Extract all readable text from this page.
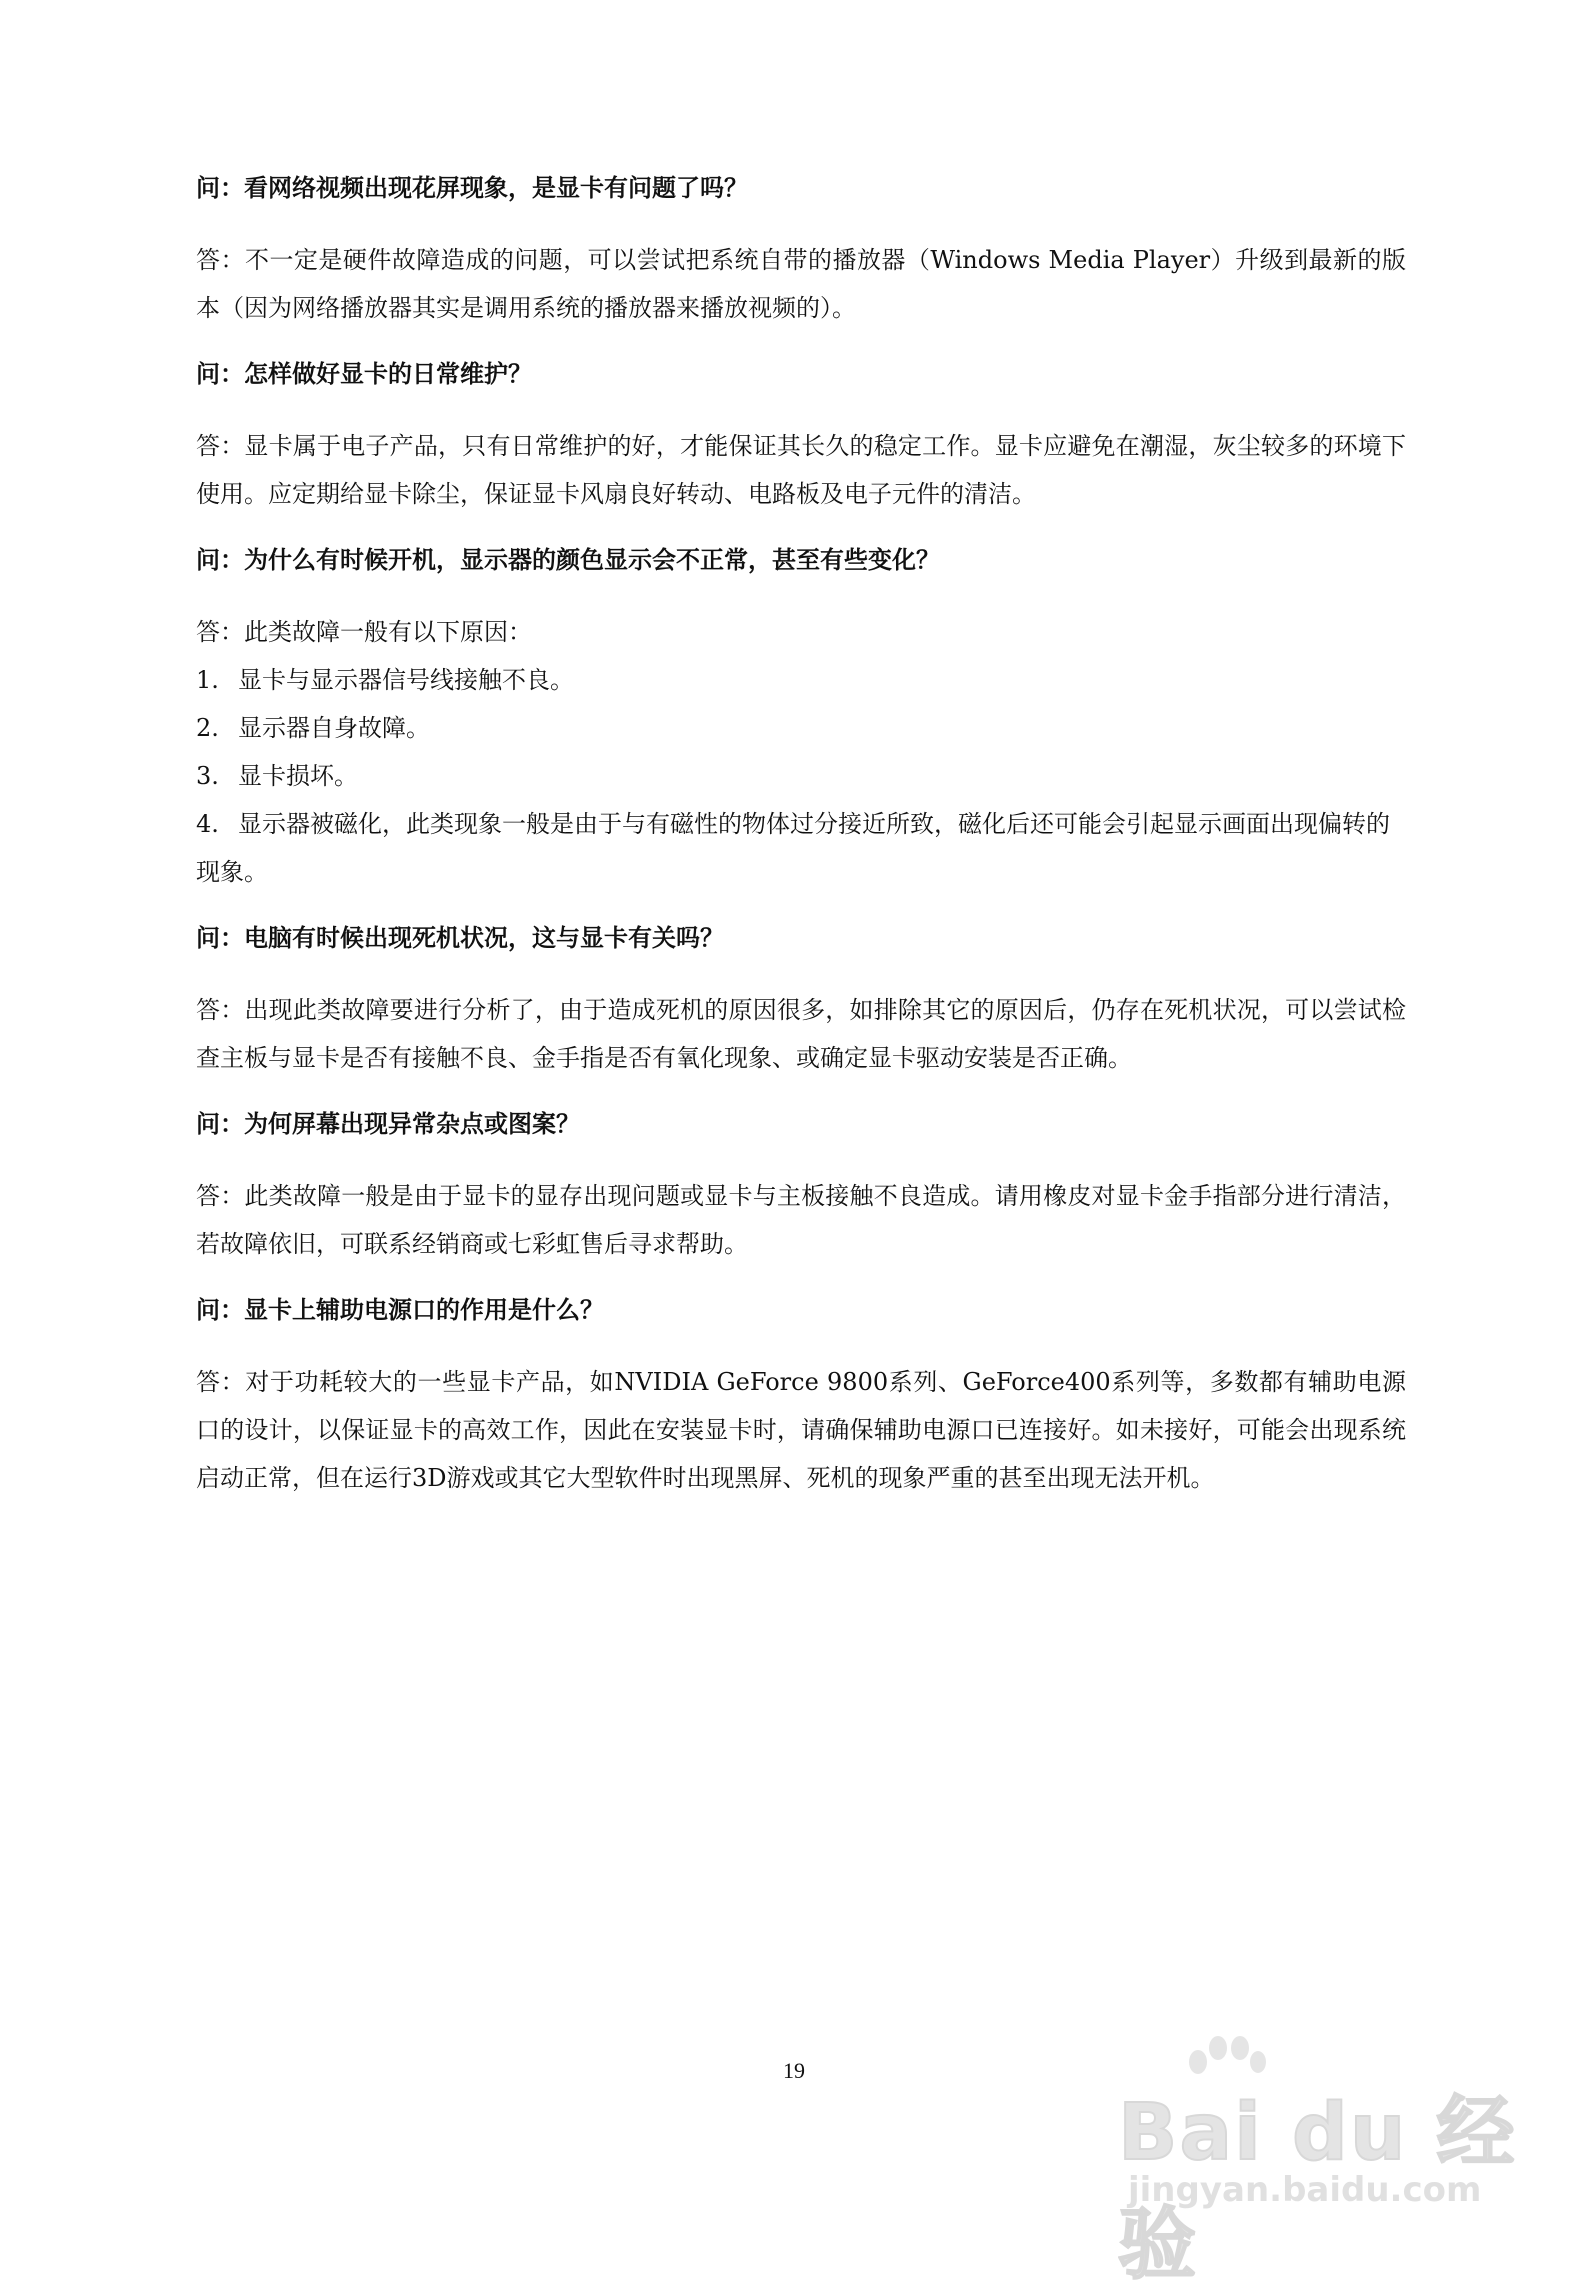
问：看网络视频出现花屏现象，是显卡有问题了吗？

答：不一定是硬件故障造成的问题，可以尝试把系统自带的播放器（Windows Media Player）升级到最新的版本（因为网络播放器其实是调用系统的播放器来播放视频的）。

问：怎样做好显卡的日常维护？

答：显卡属于电子产品，只有日常维护的好，才能保证其长久的稳定工作。显卡应避免在潮湿，灰尘较多的环境下使用。应定期给显卡除尘，保证显卡风扇良好转动、电路板及电子元件的清洁。

问：为什么有时候开机，显示器的颜色显示会不正常，甚至有些变化？

答：此类故障一般有以下原因：

1. 显卡与显示器信号线接触不良。

2. 显示器自身故障。

3. 显卡损坏。

4. 显示器被磁化，此类现象一般是由于与有磁性的物体过分接近所致，磁化后还可能会引起显示画面出现偏转的现象。

问：电脑有时候出现死机状况，这与显卡有关吗？

答：出现此类故障要进行分析了，由于造成死机的原因很多，如排除其它的原因后，仍存在死机状况，可以尝试检查主板与显卡是否有接触不良、金手指是否有氧化现象、或确定显卡驱动安装是否正确。

问：为何屏幕出现异常杂点或图案？

答：此类故障一般是由于显卡的显存出现问题或显卡与主板接触不良造成。请用橡皮对显卡金手指部分进行清洁，若故障依旧，可联系经销商或七彩虹售后寻求帮助。

问：显卡上辅助电源口的作用是什么？

答：对于功耗较大的一些显卡产品，如NVIDIA GeForce 9800系列、GeForce400系列等，多数都有辅助电源口的设计，以保证显卡的高效工作，因此在安装显卡时，请确保辅助电源口已连接好。如未接好，可能会出现系统启动正常，但在运行3D游戏或其它大型软件时出现黑屏、死机的现象严重的甚至出现无法开机。

19
Bai du 经验
jingyan.baidu.com
